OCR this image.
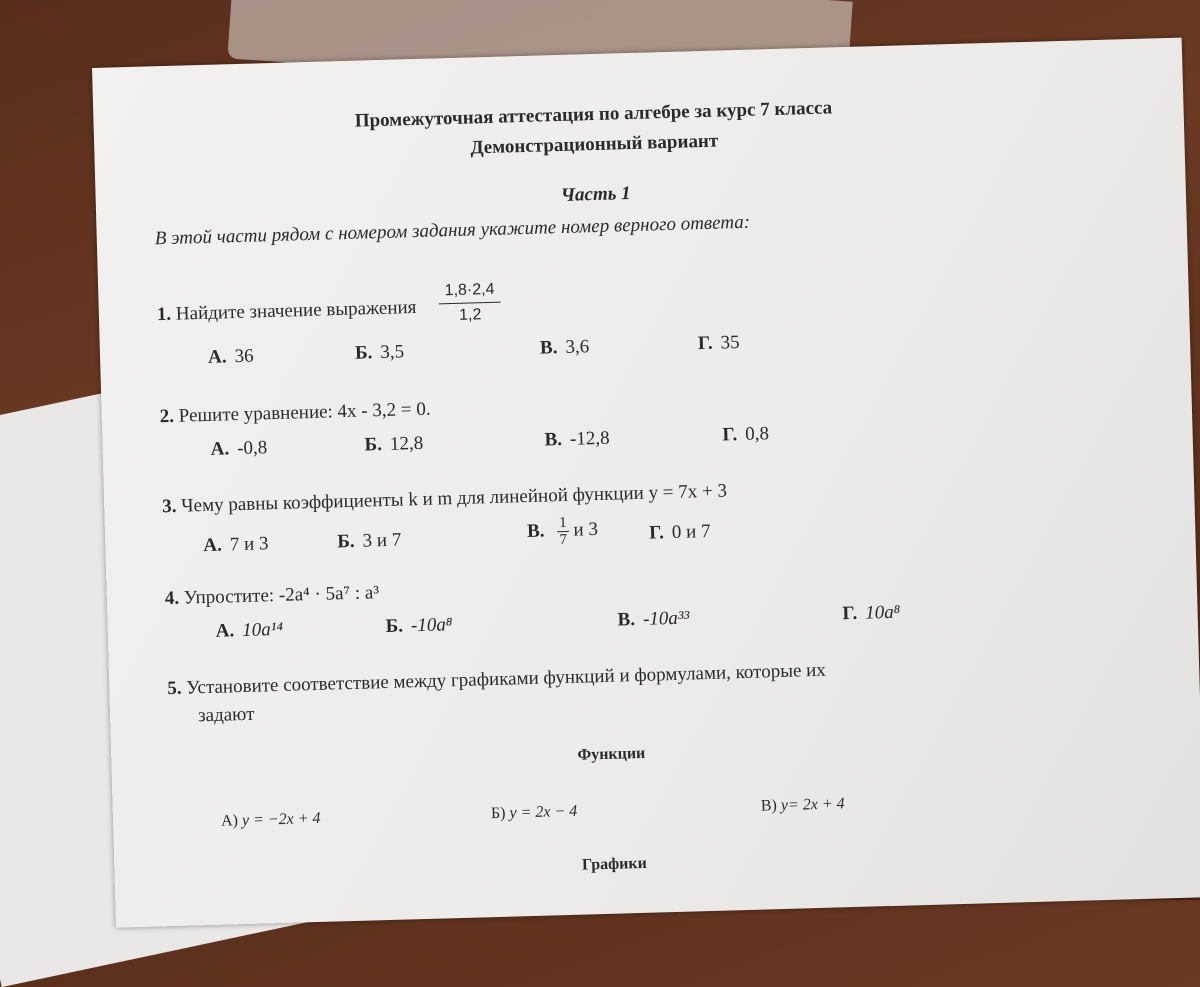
Промежуточная аттестация по алгебре за курс 7 класса
Демонстрационный вариант
Часть 1
В этой части рядом с номером задания укажите номер верного ответа:
1. Найдите значение выражения $\frac{1,8\cdot 2,4}{1,2}$
А. 36	Б. 3,5	В. 3,6	Г. 35
2. Решите уравнение: 4x - 3,2 = 0.
А. -0,8	Б. 12,8	В. -12,8	Г. 0,8
3. Чему равны коэффициенты k и m для линейной функции y = 7x + 3
А. 7 и 3	Б. 3 и 7	В. $\frac{1}{7}$ и 3	Г. 0 и 7
4. Упростите: -2a⁴ · 5a⁷ : a³
А. 10a¹⁴	Б. -10a⁸	В. -10a³³	Г. 10a⁸
5. Установите соответствие между графиками функций и формулами, которые их
задают
Функции
А) y = −2x + 4	Б) y = 2x − 4	В) y= 2x + 4
Графики
